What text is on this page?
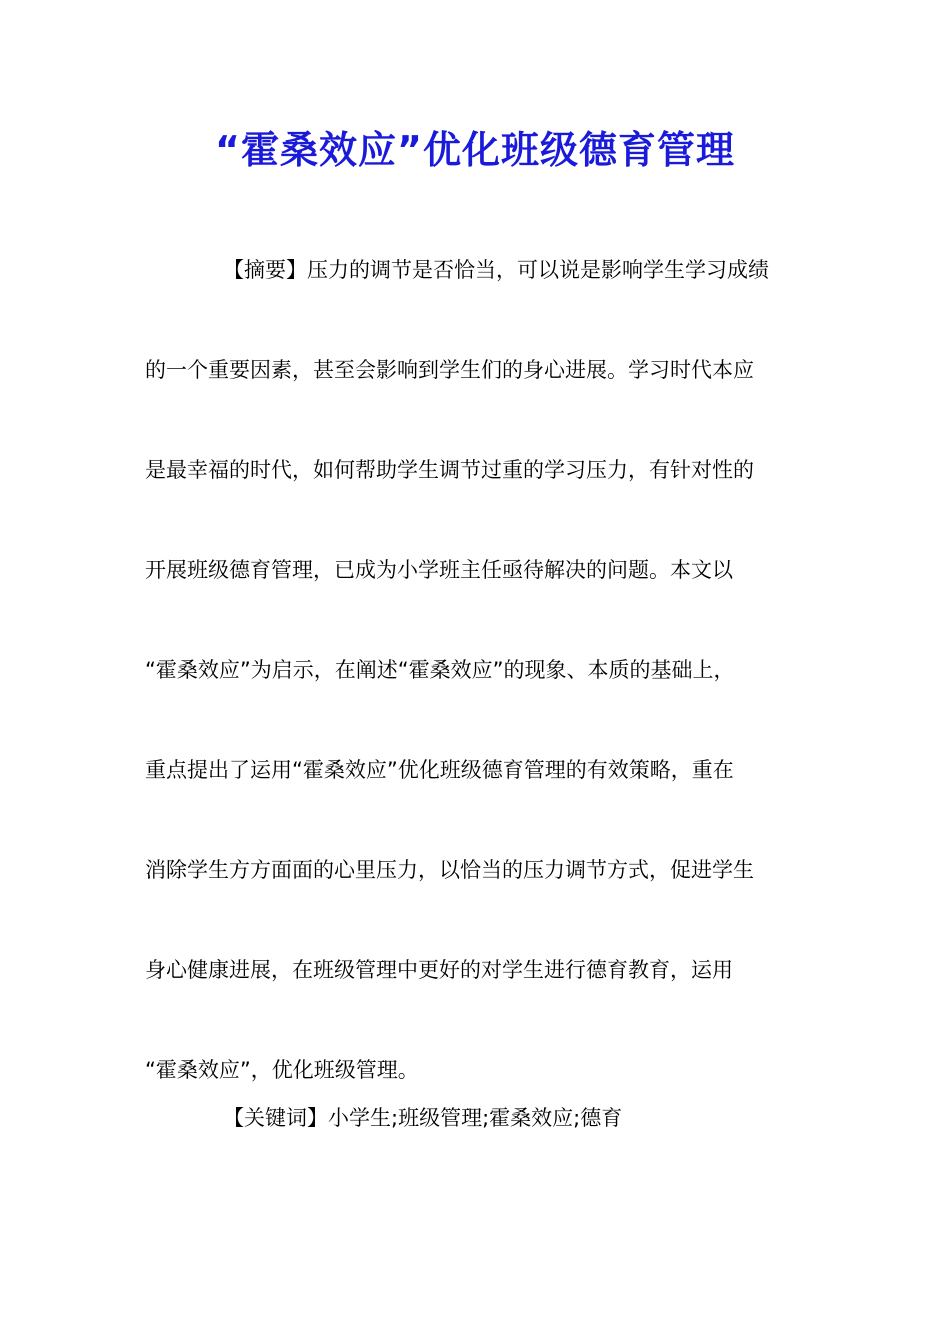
“霍桑效应”优化班级德育管理
【摘要】压力的调节是否恰当，可以说是影响学生学习成绩
的一个重要因素，甚至会影响到学生们的身心进展。学习时代本应
是最幸福的时代，如何帮助学生调节过重的学习压力，有针对性的
开展班级德育管理，已成为小学班主任亟待解决的问题。本文以
“霍桑效应”为启示，在阐述“霍桑效应”的现象、本质的基础上，
重点提出了运用“霍桑效应”优化班级德育管理的有效策略，重在
消除学生方方面面的心里压力，以恰当的压力调节方式，促进学生
身心健康进展，在班级管理中更好的对学生进行德育教育，运用
“霍桑效应”，优化班级管理。
【关键词】小学生;班级管理;霍桑效应;德育
